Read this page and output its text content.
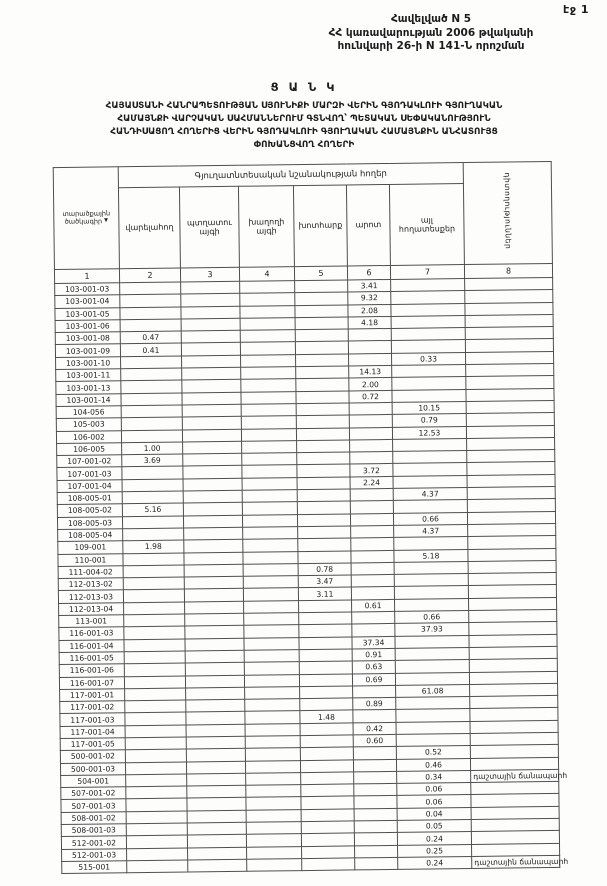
էջ 1
Հավելված N 5
ՀՀ կառավարության 2006 թվականի
հունվարի 26-ի N 141-Ն որոշման
Ց Ա Ն Կ
ՀԱՅԱՍՏԱՆԻ ՀԱՆՐԱՊԵՏՈՒԹՅԱՆ ՍՅՈՒՆԻՔԻ ՄԱՐԶԻ ՎԵՐԻՆ ԳՅՈԴԱԿԼՈՒԻ ԳՅՈՒՂԱԿԱՆ
ՀԱՄԱՅՆՔԻ ՎԱՐՉԱԿԱՆ ՍԱՀՄԱՆՆԵՐՈՒՄ ԳՏՆՎՈՂ՝ ՊԵՏԱԿԱՆ ՍԵՓԱԿԱՆՈՒԹՅՈՒՆ
ՀԱՆԴԻՍԱՑՈՂ ՀՈՂԵՐԻՑ ՎԵՐԻՆ ԳՅՈԴԱԿԼՈՒԻ ԳՅՈՒՂԱԿԱՆ ՀԱՄԱՅՆՔԻՆ ԱՆՀԱՏՈՒՅՑ
ՓՈԽԱՆՑՎՈՂ ՀՈՂԵՐԻ
տարածքային ծածկագիր ▼	Գյուղատնտեսական նշանակության հողեր						դիտողություններ
	վարելահող	պտղատու այգի	խաղողի այգի	խոտհարք	արոտ	այլ հողատեսքեր	
1	2	3	4	5	6	7	8
103-001-03					3.41		
103-001-04					9.32		
103-001-05					2.08		
103-001-06					4.18		
103-001-08	0.47						
103-001-09	0.41						
103-001-10						0.33	
103-001-11					14.13		
103-001-13					2.00		
103-001-14					0.72		
104-056						10.15	
105-003						0.79	
106-002						12.53	
106-005	1.00						
107-001-02	3.69						
107-001-03					3.72		
107-001-04					2.24		
108-005-01						4.37	
108-005-02	5.16						
108-005-03						0.66	
108-005-04						4.37	
109-001	1.98						
110-001						5.18	
111-004-02				0.78			
112-013-02				3.47			
112-013-03				3.11			
112-013-04					0.61		
113-001						0.66	
116-001-03						37.93	
116-001-04					37.34		
116-001-05					0.91		
116-001-06					0.63		
116-001-07					0.69		
117-001-01						61.08	
117-001-02					0.89		
117-001-03				1.48			
117-001-04					0.42		
117-001-05					0.60		
500-001-02						0.52	
500-001-03						0.46	
504-001						0.34	դաշտային ճանապարհ
507-001-02						0.06	
507-001-03						0.06	
508-001-02						0.04	
508-001-03						0.05	
512-001-02						0.24	
512-001-03						0.25	
515-001						0.24	դաշտային ճանապարհ
